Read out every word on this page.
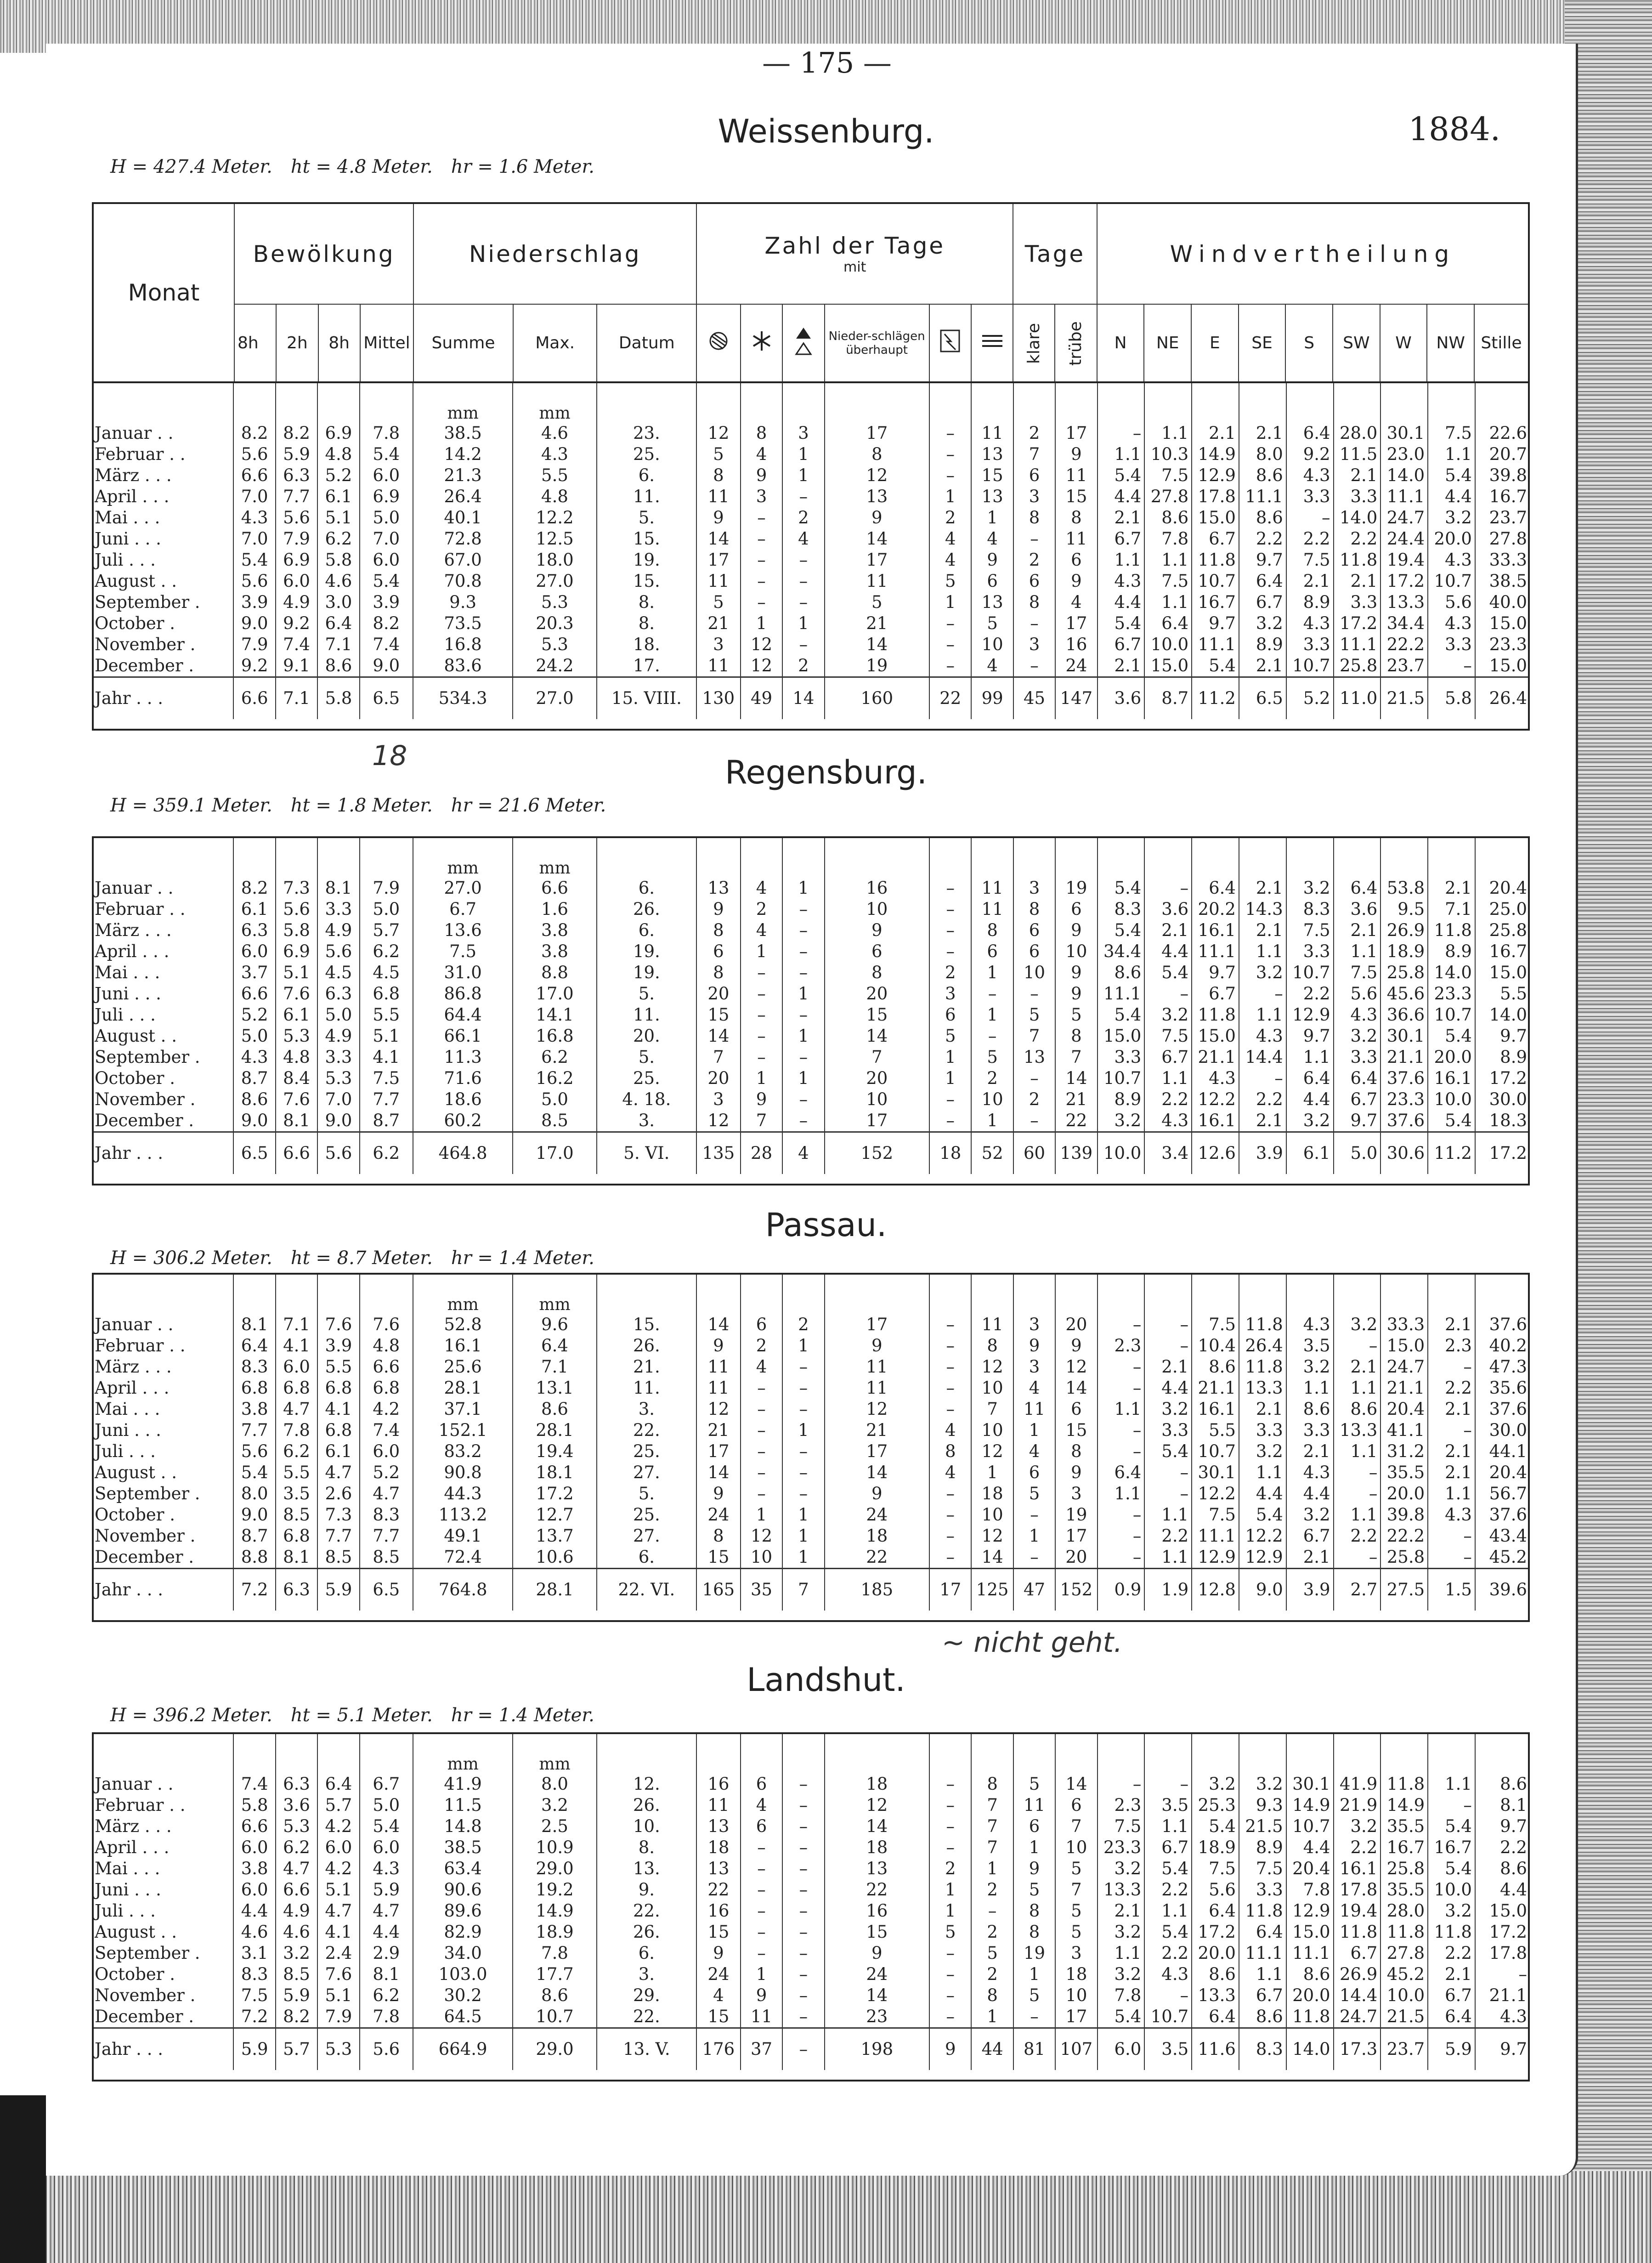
— 175 —
1884.
Monat	Bewölkung				Niederschlag			Zahl der Tage
mit						Tage		Windvertheilung								
	8h	2h	8h	Mittel	Summe	Max.	Datum				Nieder-schlägen überhaupt			klare	trübe	N	NE	E	SE	S	SW	W	NW	Stille
Weissenburg.
H = 427.4 Meter. ht = 4.8 Meter. hr = 1.6 Meter.
					mm	mm																		
Januar . .	8.2	8.2	6.9	7.8	38.5	4.6	23.	12	8	3	17	–	11	2	17	–	1.1	2.1	2.1	6.4	28.0	30.1	7.5	22.6
Februar . .	5.6	5.9	4.8	5.4	14.2	4.3	25.	5	4	1	8	–	13	7	9	1.1	10.3	14.9	8.0	9.2	11.5	23.0	1.1	20.7
März . . .	6.6	6.3	5.2	6.0	21.3	5.5	6.	8	9	1	12	–	15	6	11	5.4	7.5	12.9	8.6	4.3	2.1	14.0	5.4	39.8
April . . .	7.0	7.7	6.1	6.9	26.4	4.8	11.	11	3	–	13	1	13	3	15	4.4	27.8	17.8	11.1	3.3	3.3	11.1	4.4	16.7
Mai . . .	4.3	5.6	5.1	5.0	40.1	12.2	5.	9	–	2	9	2	1	8	8	2.1	8.6	15.0	8.6	–	14.0	24.7	3.2	23.7
Juni . . .	7.0	7.9	6.2	7.0	72.8	12.5	15.	14	–	4	14	4	4	–	11	6.7	7.8	6.7	2.2	2.2	2.2	24.4	20.0	27.8
Juli . . .	5.4	6.9	5.8	6.0	67.0	18.0	19.	17	–	–	17	4	9	2	6	1.1	1.1	11.8	9.7	7.5	11.8	19.4	4.3	33.3
August . .	5.6	6.0	4.6	5.4	70.8	27.0	15.	11	–	–	11	5	6	6	9	4.3	7.5	10.7	6.4	2.1	2.1	17.2	10.7	38.5
September .	3.9	4.9	3.0	3.9	9.3	5.3	8.	5	–	–	5	1	13	8	4	4.4	1.1	16.7	6.7	8.9	3.3	13.3	5.6	40.0
October .	9.0	9.2	6.4	8.2	73.5	20.3	8.	21	1	1	21	–	5	–	17	5.4	6.4	9.7	3.2	4.3	17.2	34.4	4.3	15.0
November .	7.9	7.4	7.1	7.4	16.8	5.3	18.	3	12	–	14	–	10	3	16	6.7	10.0	11.1	8.9	3.3	11.1	22.2	3.3	23.3
December .	9.2	9.1	8.6	9.0	83.6	24.2	17.	11	12	2	19	–	4	–	24	2.1	15.0	5.4	2.1	10.7	25.8	23.7	–	15.0
Jahr . . .	6.6	7.1	5.8	6.5	534.3	27.0	15. VIII.	130	49	14	160	22	99	45	147	3.6	8.7	11.2	6.5	5.2	11.0	21.5	5.8	26.4
Regensburg.
H = 359.1 Meter. ht = 1.8 Meter. hr = 21.6 Meter.
					mm	mm																		
Januar . .	8.2	7.3	8.1	7.9	27.0	6.6	6.	13	4	1	16	–	11	3	19	5.4	–	6.4	2.1	3.2	6.4	53.8	2.1	20.4
Februar . .	6.1	5.6	3.3	5.0	6.7	1.6	26.	9	2	–	10	–	11	8	6	8.3	3.6	20.2	14.3	8.3	3.6	9.5	7.1	25.0
März . . .	6.3	5.8	4.9	5.7	13.6	3.8	6.	8	4	–	9	–	8	6	9	5.4	2.1	16.1	2.1	7.5	2.1	26.9	11.8	25.8
April . . .	6.0	6.9	5.6	6.2	7.5	3.8	19.	6	1	–	6	–	6	6	10	34.4	4.4	11.1	1.1	3.3	1.1	18.9	8.9	16.7
Mai . . .	3.7	5.1	4.5	4.5	31.0	8.8	19.	8	–	–	8	2	1	10	9	8.6	5.4	9.7	3.2	10.7	7.5	25.8	14.0	15.0
Juni . . .	6.6	7.6	6.3	6.8	86.8	17.0	5.	20	–	1	20	3	–	–	9	11.1	–	6.7	–	2.2	5.6	45.6	23.3	5.5
Juli . . .	5.2	6.1	5.0	5.5	64.4	14.1	11.	15	–	–	15	6	1	5	5	5.4	3.2	11.8	1.1	12.9	4.3	36.6	10.7	14.0
August . .	5.0	5.3	4.9	5.1	66.1	16.8	20.	14	–	1	14	5	–	7	8	15.0	7.5	15.0	4.3	9.7	3.2	30.1	5.4	9.7
September .	4.3	4.8	3.3	4.1	11.3	6.2	5.	7	–	–	7	1	5	13	7	3.3	6.7	21.1	14.4	1.1	3.3	21.1	20.0	8.9
October .	8.7	8.4	5.3	7.5	71.6	16.2	25.	20	1	1	20	1	2	–	14	10.7	1.1	4.3	–	6.4	6.4	37.6	16.1	17.2
November .	8.6	7.6	7.0	7.7	18.6	5.0	4. 18.	3	9	–	10	–	10	2	21	8.9	2.2	12.2	2.2	4.4	6.7	23.3	10.0	30.0
December .	9.0	8.1	9.0	8.7	60.2	8.5	3.	12	7	–	17	–	1	–	22	3.2	4.3	16.1	2.1	3.2	9.7	37.6	5.4	18.3
Jahr . . .	6.5	6.6	5.6	6.2	464.8	17.0	5. VI.	135	28	4	152	18	52	60	139	10.0	3.4	12.6	3.9	6.1	5.0	30.6	11.2	17.2
Passau.
H = 306.2 Meter. ht = 8.7 Meter. hr = 1.4 Meter.
					mm	mm																		
Januar . .	8.1	7.1	7.6	7.6	52.8	9.6	15.	14	6	2	17	–	11	3	20	–	–	7.5	11.8	4.3	3.2	33.3	2.1	37.6
Februar . .	6.4	4.1	3.9	4.8	16.1	6.4	26.	9	2	1	9	–	8	9	9	2.3	–	10.4	26.4	3.5	–	15.0	2.3	40.2
März . . .	8.3	6.0	5.5	6.6	25.6	7.1	21.	11	4	–	11	–	12	3	12	–	2.1	8.6	11.8	3.2	2.1	24.7	–	47.3
April . . .	6.8	6.8	6.8	6.8	28.1	13.1	11.	11	–	–	11	–	10	4	14	–	4.4	21.1	13.3	1.1	1.1	21.1	2.2	35.6
Mai . . .	3.8	4.7	4.1	4.2	37.1	8.6	3.	12	–	–	12	–	7	11	6	1.1	3.2	16.1	2.1	8.6	8.6	20.4	2.1	37.6
Juni . . .	7.7	7.8	6.8	7.4	152.1	28.1	22.	21	–	1	21	4	10	1	15	–	3.3	5.5	3.3	3.3	13.3	41.1	–	30.0
Juli . . .	5.6	6.2	6.1	6.0	83.2	19.4	25.	17	–	–	17	8	12	4	8	–	5.4	10.7	3.2	2.1	1.1	31.2	2.1	44.1
August . .	5.4	5.5	4.7	5.2	90.8	18.1	27.	14	–	–	14	4	1	6	9	6.4	–	30.1	1.1	4.3	–	35.5	2.1	20.4
September .	8.0	3.5	2.6	4.7	44.3	17.2	5.	9	–	–	9	–	18	5	3	1.1	–	12.2	4.4	4.4	–	20.0	1.1	56.7
October .	9.0	8.5	7.3	8.3	113.2	12.7	25.	24	1	1	24	–	10	–	19	–	1.1	7.5	5.4	3.2	1.1	39.8	4.3	37.6
November .	8.7	6.8	7.7	7.7	49.1	13.7	27.	8	12	1	18	–	12	1	17	–	2.2	11.1	12.2	6.7	2.2	22.2	–	43.4
December .	8.8	8.1	8.5	8.5	72.4	10.6	6.	15	10	1	22	–	14	–	20	–	1.1	12.9	12.9	2.1	–	25.8	–	45.2
Jahr . . .	7.2	6.3	5.9	6.5	764.8	28.1	22. VI.	165	35	7	185	17	125	47	152	0.9	1.9	12.8	9.0	3.9	2.7	27.5	1.5	39.6
Landshut.
H = 396.2 Meter. ht = 5.1 Meter. hr = 1.4 Meter.
					mm	mm																		
Januar . .	7.4	6.3	6.4	6.7	41.9	8.0	12.	16	6	–	18	–	8	5	14	–	–	3.2	3.2	30.1	41.9	11.8	1.1	8.6
Februar . .	5.8	3.6	5.7	5.0	11.5	3.2	26.	11	4	–	12	–	7	11	6	2.3	3.5	25.3	9.3	14.9	21.9	14.9	–	8.1
März . . .	6.6	5.3	4.2	5.4	14.8	2.5	10.	13	6	–	14	–	7	6	7	7.5	1.1	5.4	21.5	10.7	3.2	35.5	5.4	9.7
April . . .	6.0	6.2	6.0	6.0	38.5	10.9	8.	18	–	–	18	–	7	1	10	23.3	6.7	18.9	8.9	4.4	2.2	16.7	16.7	2.2
Mai . . .	3.8	4.7	4.2	4.3	63.4	29.0	13.	13	–	–	13	2	1	9	5	3.2	5.4	7.5	7.5	20.4	16.1	25.8	5.4	8.6
Juni . . .	6.0	6.6	5.1	5.9	90.6	19.2	9.	22	–	–	22	1	2	5	7	13.3	2.2	5.6	3.3	7.8	17.8	35.5	10.0	4.4
Juli . . .	4.4	4.9	4.7	4.7	89.6	14.9	22.	16	–	–	16	1	–	8	5	2.1	1.1	6.4	11.8	12.9	19.4	28.0	3.2	15.0
August . .	4.6	4.6	4.1	4.4	82.9	18.9	26.	15	–	–	15	5	2	8	5	3.2	5.4	17.2	6.4	15.0	11.8	11.8	11.8	17.2
September .	3.1	3.2	2.4	2.9	34.0	7.8	6.	9	–	–	9	–	5	19	3	1.1	2.2	20.0	11.1	11.1	6.7	27.8	2.2	17.8
October .	8.3	8.5	7.6	8.1	103.0	17.7	3.	24	1	–	24	–	2	1	18	3.2	4.3	8.6	1.1	8.6	26.9	45.2	2.1	–
November .	7.5	5.9	5.1	6.2	30.2	8.6	29.	4	9	–	14	–	8	5	10	7.8	–	13.3	6.7	20.0	14.4	10.0	6.7	21.1
December .	7.2	8.2	7.9	7.8	64.5	10.7	22.	15	11	–	23	–	1	–	17	5.4	10.7	6.4	8.6	11.8	24.7	21.5	6.4	4.3
Jahr . . .	5.9	5.7	5.3	5.6	664.9	29.0	13. V.	176	37	–	198	9	44	81	107	6.0	3.5	11.6	8.3	14.0	17.3	23.7	5.9	9.7
18
~ nicht geht.
